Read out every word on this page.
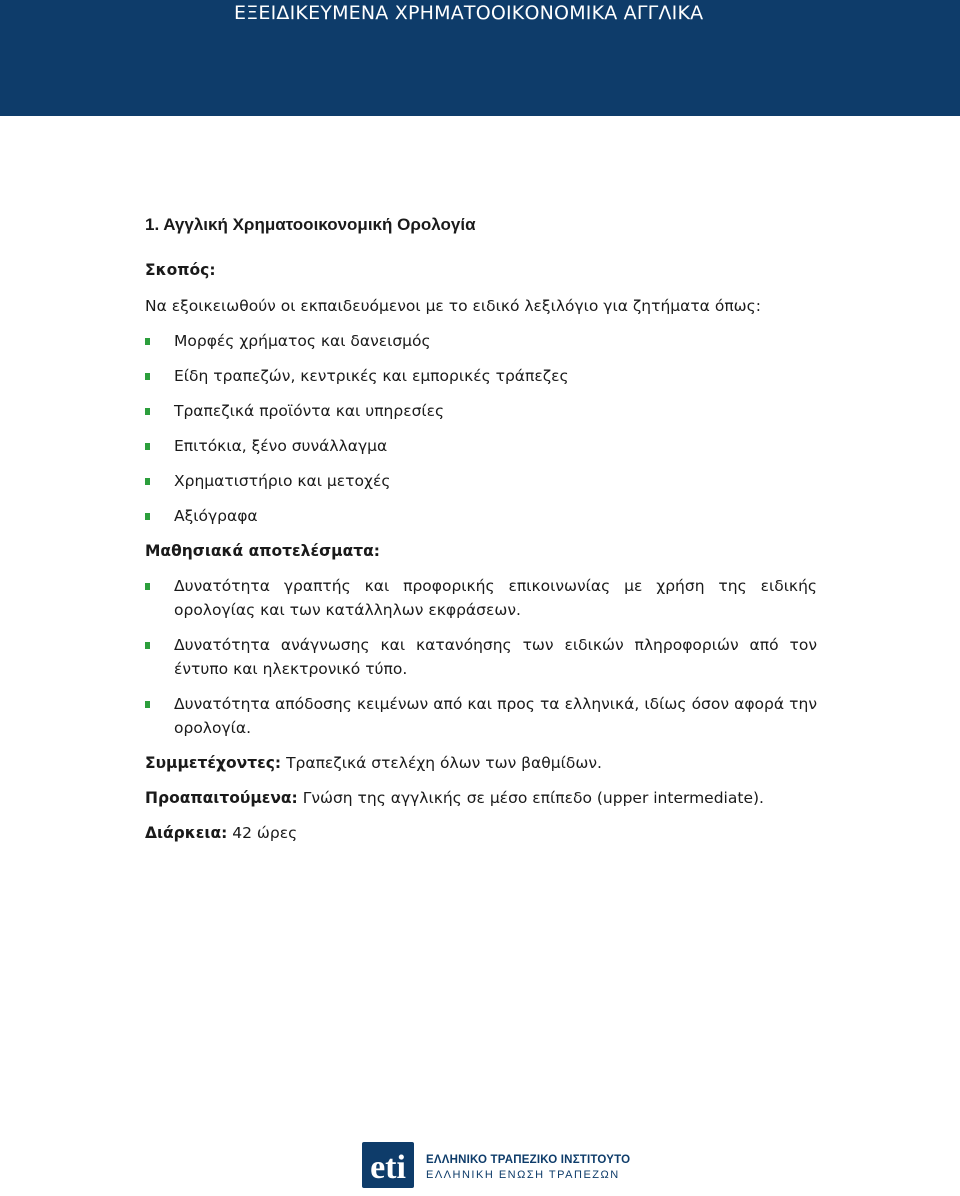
ΕΞΕΙΔΙΚΕΥΜΕΝΑ ΧΡΗΜΑΤΟΟΙΚΟΝΟΜΙΚΑ ΑΓΓΛΙΚΑ
1. Αγγλική Χρηματοοικονομική Ορολογία
Σκοπός:
Να εξοικειωθούν οι εκπαιδευόμενοι με το ειδικό λεξιλόγιο για ζητήματα όπως:
Μορφές χρήματος και δανεισμός
Είδη τραπεζών, κεντρικές και εμπορικές τράπεζες
Τραπεζικά προϊόντα και υπηρεσίες
Επιτόκια, ξένο συνάλλαγμα
Χρηματιστήριο και μετοχές
Αξιόγραφα
Μαθησιακά αποτελέσματα:
Δυνατότητα γραπτής και προφορικής επικοινωνίας με χρήση της ειδικής ορολογίας και των κατάλληλων εκφράσεων.
Δυνατότητα ανάγνωσης και κατανόησης των ειδικών πληροφοριών από τον έντυπο και ηλεκτρονικό τύπο.
Δυνατότητα απόδοσης κειμένων από και προς τα ελληνικά, ιδίως όσον αφορά την ορολογία.
Συμμετέχοντες: Τραπεζικά στελέχη όλων των βαθμίδων.
Προαπαιτούμενα: Γνώση της αγγλικής σε μέσο επίπεδο (upper intermediate).
Διάρκεια: 42 ώρες
eti ΕΛΛΗΝΙΚΟ ΤΡΑΠΕΖΙΚΟ ΙΝΣΤΙΤΟΥΤΟ
ΕΛΛΗΝΙΚΗ ΕΝΩΣΗ ΤΡΑΠΕΖΩΝ
